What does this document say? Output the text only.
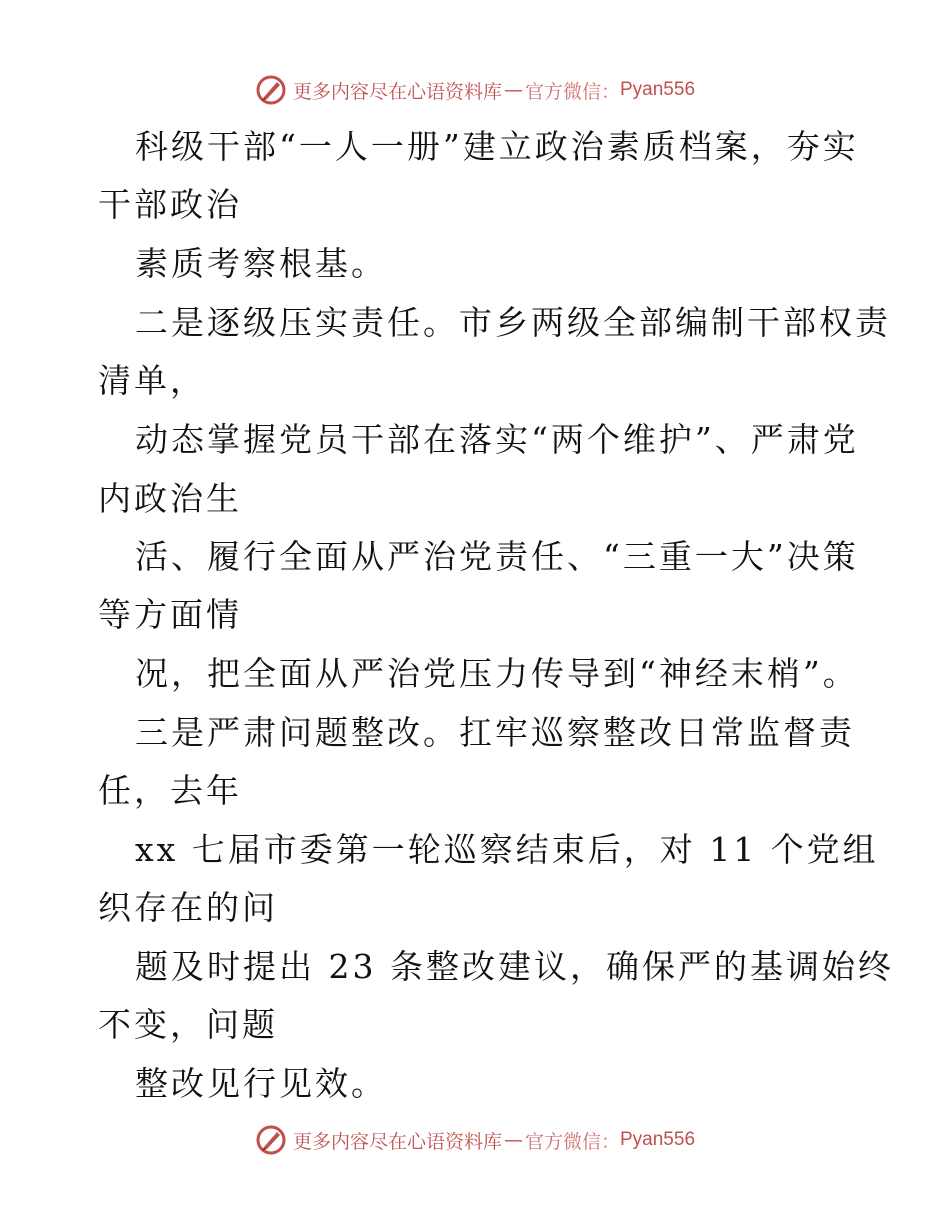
更多内容尽在心语资料库 — 官方微信： Pyan556
科级干部“一人一册”建立政治素质档案，夯实
干部政治
素质考察根基。
二是逐级压实责任。市乡两级全部编制干部权责
清单，
动态掌握党员干部在落实“两个维护”、严肃党
内政治生
活、履行全面从严治党责任、“三重一大”决策
等方面情
况，把全面从严治党压力传导到“神经末梢”。
三是严肃问题整改。扛牢巡察整改日常监督责
任，去年
xx 七届市委第一轮巡察结束后，对 11 个党组
织存在的问
题及时提出 23 条整改建议，确保严的基调始终
不变，问题
整改见行见效。
更多内容尽在心语资料库 — 官方微信： Pyan556
